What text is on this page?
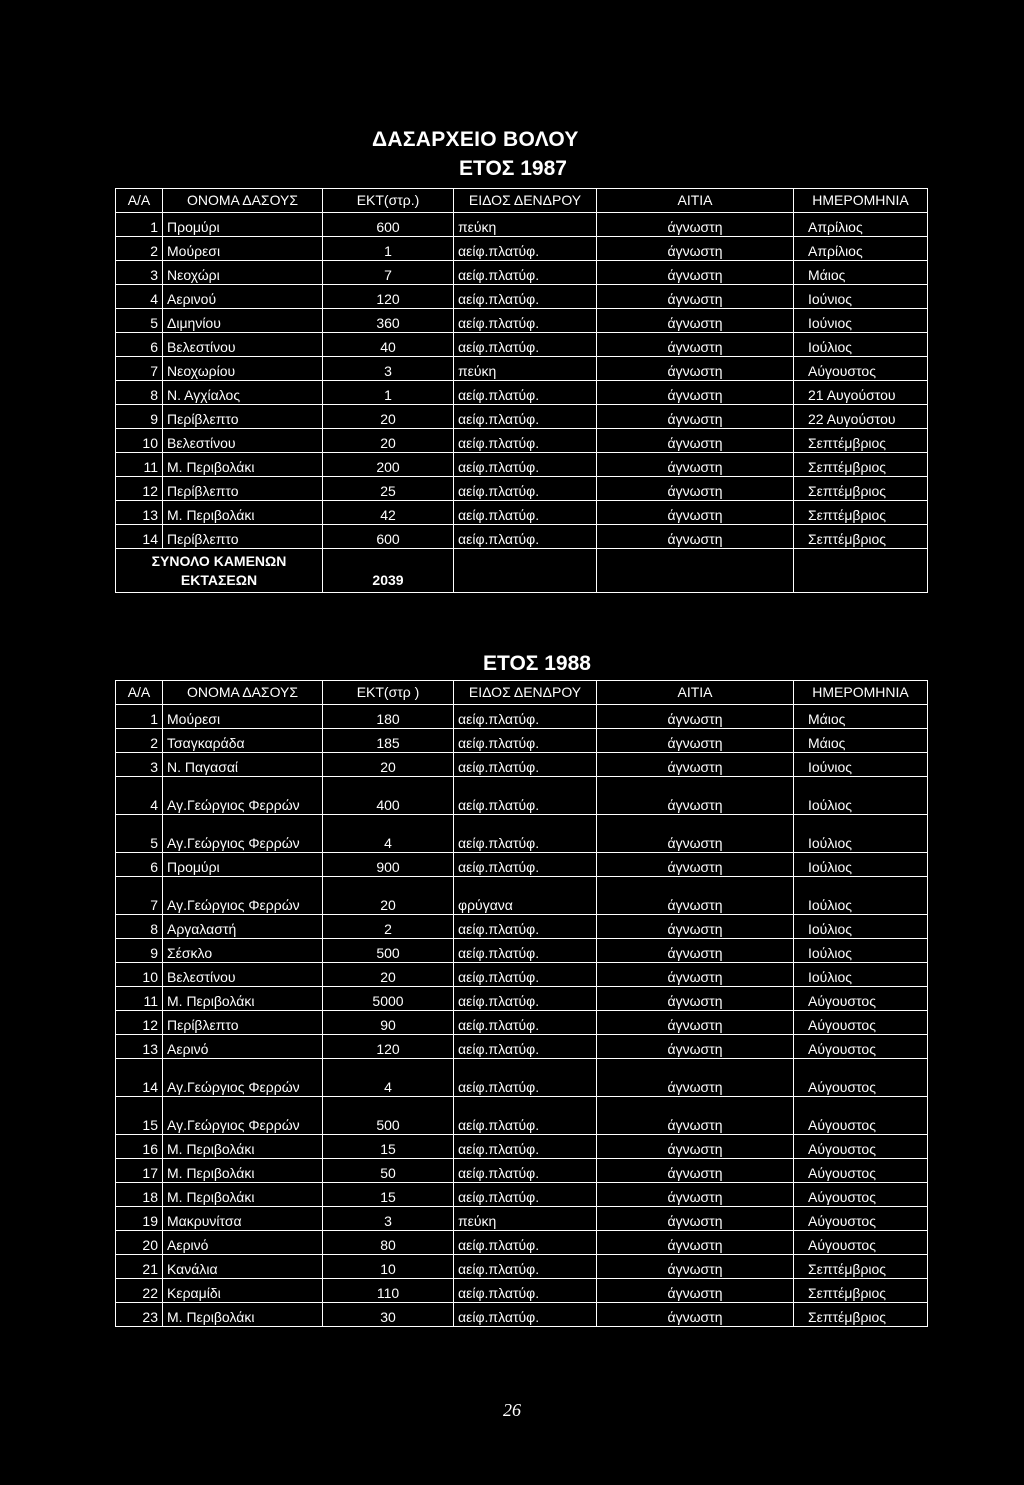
ΔΑΣΑΡΧΕΙΟ ΒΟΛΟΥ
ΕΤΟΣ 1987
Α/Α	ΟΝΟΜΑ ΔΑΣΟΥΣ	ΕΚΤ(στρ.)	ΕΙΔΟΣ ΔΕΝΔΡΟΥ	ΑΙΤΙΑ	ΗΜΕΡΟΜΗΝΙΑ
1	Προμύρι	600	πεύκη	άγνωστη	Απρίλιος
2	Μούρεσι	1	αείφ.πλατύφ.	άγνωστη	Απρίλιος
3	Νεοχώρι	7	αείφ.πλατύφ.	άγνωστη	Μάιος
4	Αερινού	120	αείφ.πλατύφ.	άγνωστη	Ιούνιος
5	Διμηνίου	360	αείφ.πλατύφ.	άγνωστη	Ιούνιος
6	Βελεστίνου	40	αείφ.πλατύφ.	άγνωστη	Ιούλιος
7	Νεοχωρίου	3	πεύκη	άγνωστη	Αύγουστος
8	Ν. Αγχίαλος	1	αείφ.πλατύφ.	άγνωστη	21 Αυγούστου
9	Περίβλεπτο	20	αείφ.πλατύφ.	άγνωστη	22 Αυγούστου
10	Βελεστίνου	20	αείφ.πλατύφ.	άγνωστη	Σεπτέμβριος
11	Μ. Περιβολάκι	200	αείφ.πλατύφ.	άγνωστη	Σεπτέμβριος
12	Περίβλεπτο	25	αείφ.πλατύφ.	άγνωστη	Σεπτέμβριος
13	Μ. Περιβολάκι	42	αείφ.πλατύφ.	άγνωστη	Σεπτέμβριος
14	Περίβλεπτο	600	αείφ.πλατύφ.	άγνωστη	Σεπτέμβριος
ΣΥΝΟΛΟ ΚΑΜΕΝΩΝ ΕΚΤΑΣΕΩΝ		2039			
ΕΤΟΣ 1988
Α/Α	ΟΝΟΜΑ ΔΑΣΟΥΣ	ΕΚΤ(στρ )	ΕΙΔΟΣ ΔΕΝΔΡΟΥ	ΑΙΤΙΑ	ΗΜΕΡΟΜΗΝΙΑ
1	Μούρεσι	180	αείφ.πλατύφ.	άγνωστη	Μάιος
2	Τσαγκαράδα	185	αείφ.πλατύφ.	άγνωστη	Μάιος
3	Ν. Παγασαί	20	αείφ.πλατύφ.	άγνωστη	Ιούνιος
4	Αγ.Γεώργιος Φερρών	400	αείφ.πλατύφ.	άγνωστη	Ιούλιος
5	Αγ.Γεώργιος Φερρών	4	αείφ.πλατύφ.	άγνωστη	Ιούλιος
6	Προμύρι	900	αείφ.πλατύφ.	άγνωστη	Ιούλιος
7	Αγ.Γεώργιος Φερρών	20	φρύγανα	άγνωστη	Ιούλιος
8	Αργαλαστή	2	αείφ.πλατύφ.	άγνωστη	Ιούλιος
9	Σέσκλο	500	αείφ.πλατύφ.	άγνωστη	Ιούλιος
10	Βελεστίνου	20	αείφ.πλατύφ.	άγνωστη	Ιούλιος
11	Μ. Περιβολάκι	5000	αείφ.πλατύφ.	άγνωστη	Αύγουστος
12	Περίβλεπτο	90	αείφ.πλατύφ.	άγνωστη	Αύγουστος
13	Αερινό	120	αείφ.πλατύφ.	άγνωστη	Αύγουστος
14	Αγ.Γεώργιος Φερρών	4	αείφ.πλατύφ.	άγνωστη	Αύγουστος
15	Αγ.Γεώργιος Φερρών	500	αείφ.πλατύφ.	άγνωστη	Αύγουστος
16	Μ. Περιβολάκι	15	αείφ.πλατύφ.	άγνωστη	Αύγουστος
17	Μ. Περιβολάκι	50	αείφ.πλατύφ.	άγνωστη	Αύγουστος
18	Μ. Περιβολάκι	15	αείφ.πλατύφ.	άγνωστη	Αύγουστος
19	Μακρυνίτσα	3	πεύκη	άγνωστη	Αύγουστος
20	Αερινό	80	αείφ.πλατύφ.	άγνωστη	Αύγουστος
21	Κανάλια	10	αείφ.πλατύφ.	άγνωστη	Σεπτέμβριος
22	Κεραμίδι	110	αείφ.πλατύφ.	άγνωστη	Σεπτέμβριος
23	Μ. Περιβολάκι	30	αείφ.πλατύφ.	άγνωστη	Σεπτέμβριος
26
